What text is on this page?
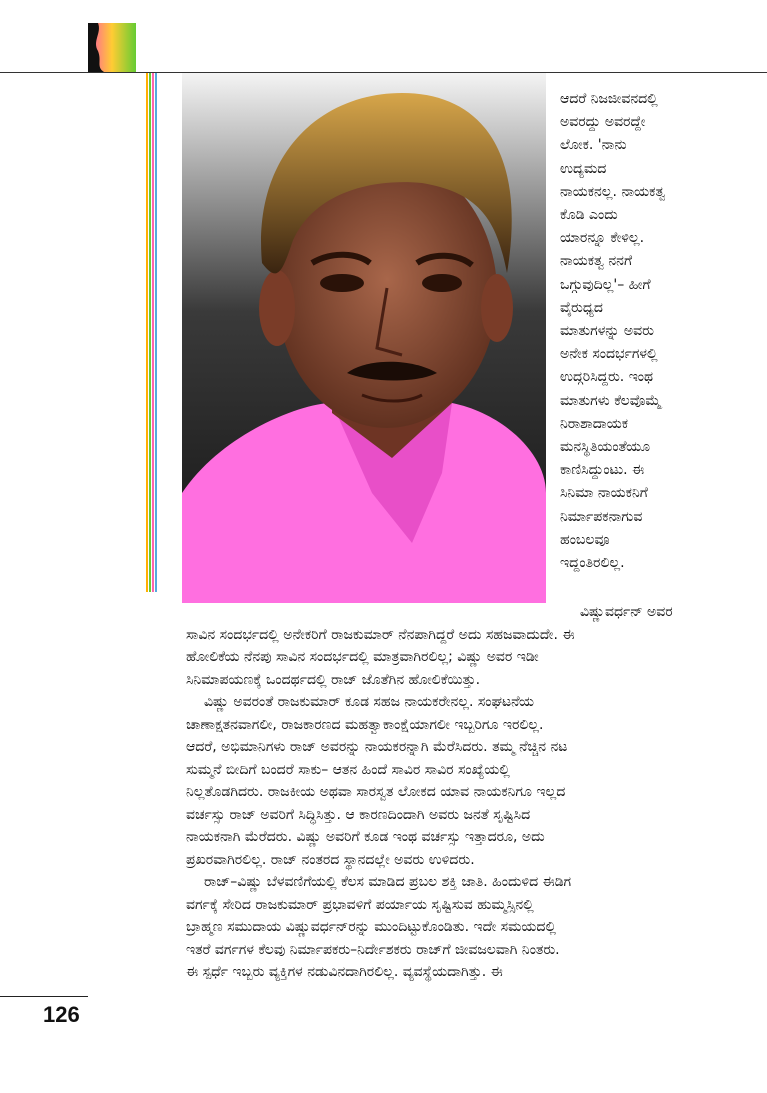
ಆದರೆ ನಿಜಜೀವನದಲ್ಲಿ
ಅವರದ್ದು ಅವರದ್ದೇ
ಲೋಕ. 'ನಾನು
ಉದ್ಯಮದ
ನಾಯಕನಲ್ಲ. ನಾಯಕತ್ವ
ಕೊಡಿ ಎಂದು
ಯಾರನ್ನೂ ಕೇಳಿಲ್ಲ.
ನಾಯಕತ್ವ ನನಗೆ
ಒಗ್ಗುವುದಿಲ್ಲ'– ಹೀಗೆ
ವೈರುಧ್ಯದ
ಮಾತುಗಳನ್ನು ಅವರು
ಅನೇಕ ಸಂದರ್ಭಗಳಲ್ಲಿ
ಉದ್ಗರಿಸಿದ್ದರು. ಇಂಥ
ಮಾತುಗಳು ಕೆಲವೊಮ್ಮೆ
ನಿರಾಶಾದಾಯಕ
ಮನಸ್ಥಿತಿಯಂತೆಯೂ
ಕಾಣಿಸಿದ್ದುಂಟು. ಈ
ಸಿನಿಮಾ ನಾಯಕನಿಗೆ
ನಿರ್ಮಾಪಕನಾಗುವ
ಹಂಬಲವೂ
ಇದ್ದಂತಿರಲಿಲ್ಲ.
ವಿಷ್ಣುವರ್ಧನ್ ಅವರ
ಸಾವಿನ ಸಂದರ್ಭದಲ್ಲಿ ಅನೇಕರಿಗೆ ರಾಜಕುಮಾರ್ ನೆನಪಾಗಿದ್ದರೆ ಅದು ಸಹಜವಾದುದೇ. ಈ
ಹೋಲಿಕೆಯ ನೆನಪು ಸಾವಿನ ಸಂದರ್ಭದಲ್ಲಿ ಮಾತ್ರವಾಗಿರಲಿಲ್ಲ; ವಿಷ್ಣು ಅವರ ಇಡೀ
ಸಿನಿಮಾಪಯಣಕ್ಕೆ ಒಂದರ್ಥದಲ್ಲಿ ರಾಜ್ ಜೊತೆಗಿನ ಹೋಲಿಕೆಯಿತ್ತು.
ವಿಷ್ಣು ಅವರಂತೆ ರಾಜಕುಮಾರ್ ಕೂಡ ಸಹಜ ನಾಯಕರೇನಲ್ಲ. ಸಂಘಟನೆಯ
ಚಾಣಾಕ್ಷತನವಾಗಲೀ, ರಾಜಕಾರಣದ ಮಹತ್ವಾಕಾಂಕ್ಷೆಯಾಗಲೀ ಇಬ್ಬರಿಗೂ ಇರಲಿಲ್ಲ.
ಆದರೆ, ಅಭಿಮಾನಿಗಳು ರಾಜ್ ಅವರನ್ನು ನಾಯಕರನ್ನಾಗಿ ಮೆರೆಸಿದರು. ತಮ್ಮ ನೆಚ್ಚಿನ ನಟ
ಸುಮ್ಮನೆ ಬೀದಿಗೆ ಬಂದರೆ ಸಾಕು– ಆತನ ಹಿಂದೆ ಸಾವಿರ ಸಾವಿರ ಸಂಖ್ಯೆಯಲ್ಲಿ
ನಿಲ್ಲತೊಡಗಿದರು. ರಾಜಕೀಯ ಅಥವಾ ಸಾರಸ್ವತ ಲೋಕದ ಯಾವ ನಾಯಕನಿಗೂ ಇಲ್ಲದ
ವರ್ಚಸ್ಸು ರಾಜ್ ಅವರಿಗೆ ಸಿದ್ಧಿಸಿತ್ತು. ಆ ಕಾರಣದಿಂದಾಗಿ ಅವರು ಜನತೆ ಸೃಷ್ಟಿಸಿದ
ನಾಯಕನಾಗಿ ಮೆರೆದರು. ವಿಷ್ಣು ಅವರಿಗೆ ಕೂಡ ಇಂಥ ವರ್ಚಸ್ಸು ಇತ್ತಾದರೂ, ಅದು
ಪ್ರಖರವಾಗಿರಲಿಲ್ಲ. ರಾಜ್ ನಂತರದ ಸ್ಥಾನದಲ್ಲೇ ಅವರು ಉಳಿದರು.
ರಾಜ್–ವಿಷ್ಣು ಬೆಳವಣಿಗೆಯಲ್ಲಿ ಕೆಲಸ ಮಾಡಿದ ಪ್ರಬಲ ಶಕ್ತಿ ಜಾತಿ. ಹಿಂದುಳಿದ ಈಡಿಗ
ವರ್ಗಕ್ಕೆ ಸೇರಿದ ರಾಜಕುಮಾರ್ ಪ್ರಭಾವಳಿಗೆ ಪರ್ಯಾಯ ಸೃಷ್ಟಿಸುವ ಹುಮ್ಮಸ್ಸಿನಲ್ಲಿ
ಬ್ರಾಹ್ಮಣ ಸಮುದಾಯ ವಿಷ್ಣುವರ್ಧನ್‌ರನ್ನು ಮುಂದಿಟ್ಟುಕೊಂಡಿತು. ಇದೇ ಸಮಯದಲ್ಲಿ
ಇತರೆ ವರ್ಗಗಳ ಕೆಲವು ನಿರ್ಮಾಪಕರು–ನಿರ್ದೇಶಕರು ರಾಜ್‌ಗೆ ಜೀವಜಲವಾಗಿ ನಿಂತರು.
ಈ ಸ್ಪರ್ಧೆ ಇಬ್ಬರು ವ್ಯಕ್ತಿಗಳ ನಡುವಿನದಾಗಿರಲಿಲ್ಲ. ವ್ಯವಸ್ಥೆಯದಾಗಿತ್ತು. ಈ
126
